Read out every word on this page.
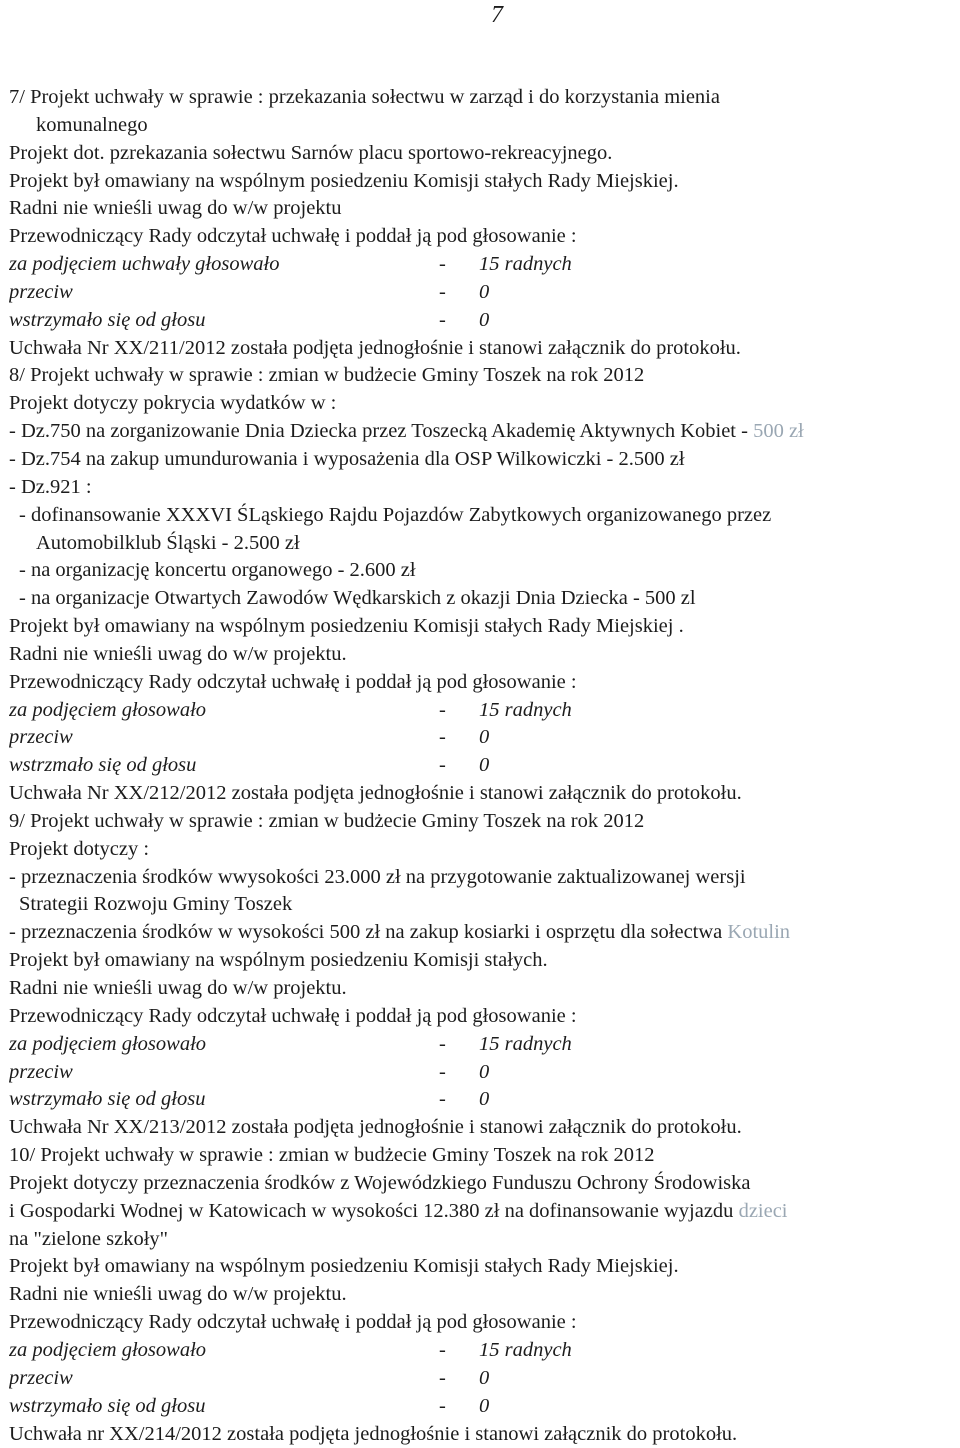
7
7/ Projekt uchwały w sprawie : przekazania sołectwu w zarząd i do korzystania mienia
komunalnego
Projekt dot. pzrekazania sołectwu Sarnów placu sportowo-rekreacyjnego.
Projekt był omawiany na wspólnym posiedzeniu Komisji stałych Rady Miejskiej.
Radni nie wnieśli uwag do w/w projektu
Przewodniczący Rady odczytał uchwałę i poddał ją pod głosowanie :
za podjęciem uchwały głosowało	-	15 radnych
przeciw	-	0
wstrzymało się od głosu	-	0
Uchwała Nr XX/211/2012 została podjęta jednogłośnie i stanowi załącznik do protokołu.
8/ Projekt uchwały w sprawie : zmian w budżecie Gminy Toszek na rok 2012
Projekt dotyczy pokrycia wydatków w :
- Dz.750 na zorganizowanie Dnia Dziecka przez Toszecką Akademię Aktywnych Kobiet - 500 zł
- Dz.754 na zakup umundurowania i wyposażenia dla OSP Wilkowiczki - 2.500 zł
- Dz.921 :
- dofinansowanie XXXVI ŚLąskiego Rajdu Pojazdów Zabytkowych organizowanego przez
Automobilklub Śląski - 2.500 zł
- na organizację koncertu organowego - 2.600 zł
- na organizacje Otwartych Zawodów Wędkarskich z okazji Dnia Dziecka - 500 zl
Projekt był omawiany na wspólnym posiedzeniu Komisji stałych Rady Miejskiej .
Radni nie wnieśli uwag do w/w projektu.
Przewodniczący Rady odczytał uchwałę i poddał ją pod głosowanie :
za podjęciem głosowało	-	15 radnych
przeciw	-	0
wstrzmało się od głosu	-	0
Uchwała Nr XX/212/2012 została podjęta jednogłośnie i stanowi załącznik do protokołu.
9/ Projekt uchwały w sprawie : zmian w budżecie Gminy Toszek na rok 2012
Projekt dotyczy :
- przeznaczenia środków wwysokości 23.000 zł na przygotowanie zaktualizowanej wersji
Strategii Rozwoju Gminy Toszek
- przeznaczenia środków w wysokości 500 zł na zakup kosiarki i osprzętu dla sołectwa Kotulin
Projekt był omawiany na wspólnym posiedzeniu Komisji stałych.
Radni nie wnieśli uwag do w/w projektu.
Przewodniczący Rady odczytał uchwałę i poddał ją pod głosowanie :
za podjęciem głosowało	-	15 radnych
przeciw	-	0
wstrzymało się od głosu	-	0
Uchwała Nr XX/213/2012 została podjęta jednogłośnie i stanowi załącznik do protokołu.
10/ Projekt uchwały w sprawie : zmian w budżecie Gminy Toszek na rok 2012
Projekt dotyczy przeznaczenia środków z Wojewódzkiego Funduszu Ochrony Środowiska
i Gospodarki Wodnej w Katowicach w wysokości 12.380 zł na dofinansowanie wyjazdu dzieci
na "zielone szkoły"
Projekt był omawiany na wspólnym posiedzeniu Komisji stałych Rady Miejskiej.
Radni nie wnieśli uwag do w/w projektu.
Przewodniczący Rady odczytał uchwałę i poddał ją pod głosowanie :
za podjęciem głosowało	-	15 radnych
przeciw	-	0
wstrzymało się od głosu	-	0
Uchwała nr XX/214/2012 została podjęta jednogłośnie i stanowi załącznik do protokołu.
